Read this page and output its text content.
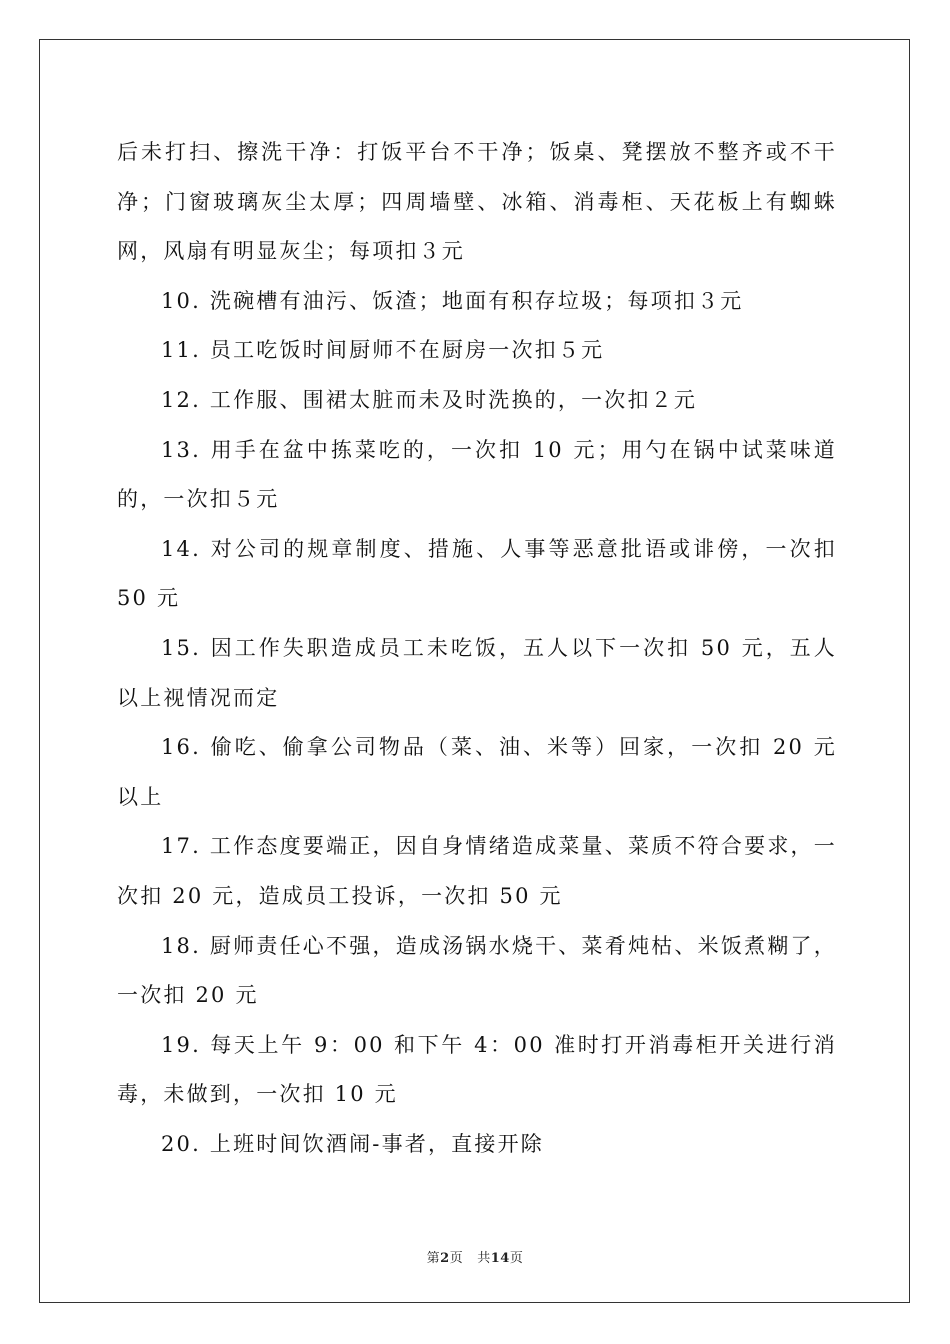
后未打扫、擦洗干净：打饭平台不干净；饭桌、凳摆放不整齐或不干净；门窗玻璃灰尘太厚；四周墙壁、冰箱、消毒柜、天花板上有蜘蛛网，风扇有明显灰尘；每项扣３元

10. 洗碗槽有油污、饭渣；地面有积存垃圾；每项扣３元

11. 员工吃饭时间厨师不在厨房一次扣５元

12. 工作服、围裙太脏而未及时洗换的，一次扣２元

13. 用手在盆中拣菜吃的，一次扣 10 元；用勺在锅中试菜味道的，一次扣５元

14. 对公司的规章制度、措施、人事等恶意批语或诽傍，一次扣 50 元

15. 因工作失职造成员工未吃饭，五人以下一次扣 50 元，五人以上视情况而定

16. 偷吃、偷拿公司物品（菜、油、米等）回家，一次扣 20 元以上

17. 工作态度要端正，因自身情绪造成菜量、菜质不符合要求，一次扣 20 元，造成员工投诉，一次扣 50 元

18. 厨师责任心不强，造成汤锅水烧干、菜肴炖枯、米饭煮糊了，一次扣 20 元

19. 每天上午 9：00 和下午 4：00 准时打开消毒柜开关进行消毒，未做到，一次扣 10 元

20. 上班时间饮酒闹-事者，直接开除

第2页 共14页
